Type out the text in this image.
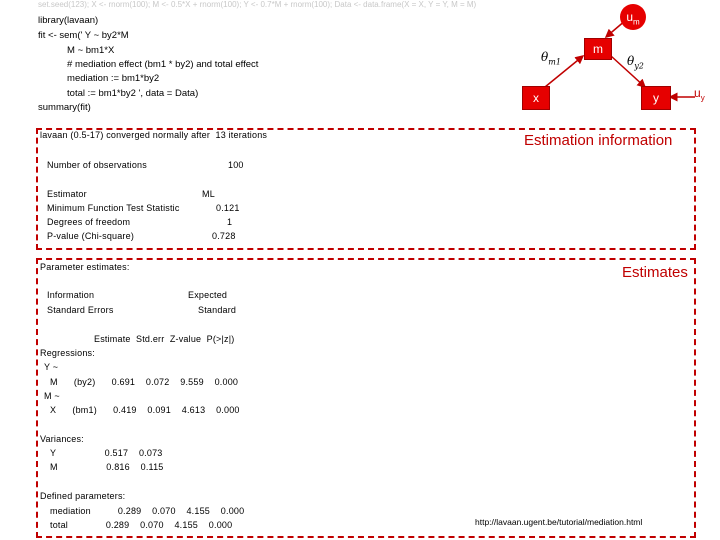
set.seed(123); X <- rnorm(100); M <- 0.5*X + rnorm(100); Y <- 0.7*M + rnorm(100); Data <- data.frame(X = X, Y = Y, M = M)
library(lavaan)
fit <- sem(' Y ~ by2*M
M ~ bm1*X
# mediation effect (bm1 * by2) and total effect
mediation := bm1*by2
total := bm1*by2 ', data = Data)
summary(fit)
m
x	y
$u_m$
$u_y$
$\theta_{m1}$	$\theta_{y2}$
Estimation information
lavaan (0.5-17) converged normally after  13 iterations
Number of observations	100
Estimator	ML
Minimum Function Test Statistic	0.121
Degrees of freedom	1
P-value (Chi-square)	0.728
Estimates
Parameter estimates:
Information	Expected
Standard Errors	Standard
Estimate  Std.err  Z-value  P(>|z|)
Regressions:
Y ~
M      (by2)      0.691    0.072    9.559    0.000
M ~
X      (bm1)      0.419    0.091    4.613    0.000
Variances:
Y                  0.517    0.073
M                  0.816    0.115
Defined parameters:
mediation          0.289    0.070    4.155    0.000
total              0.289    0.070    4.155    0.000	http://lavaan.ugent.be/tutorial/mediation.html
